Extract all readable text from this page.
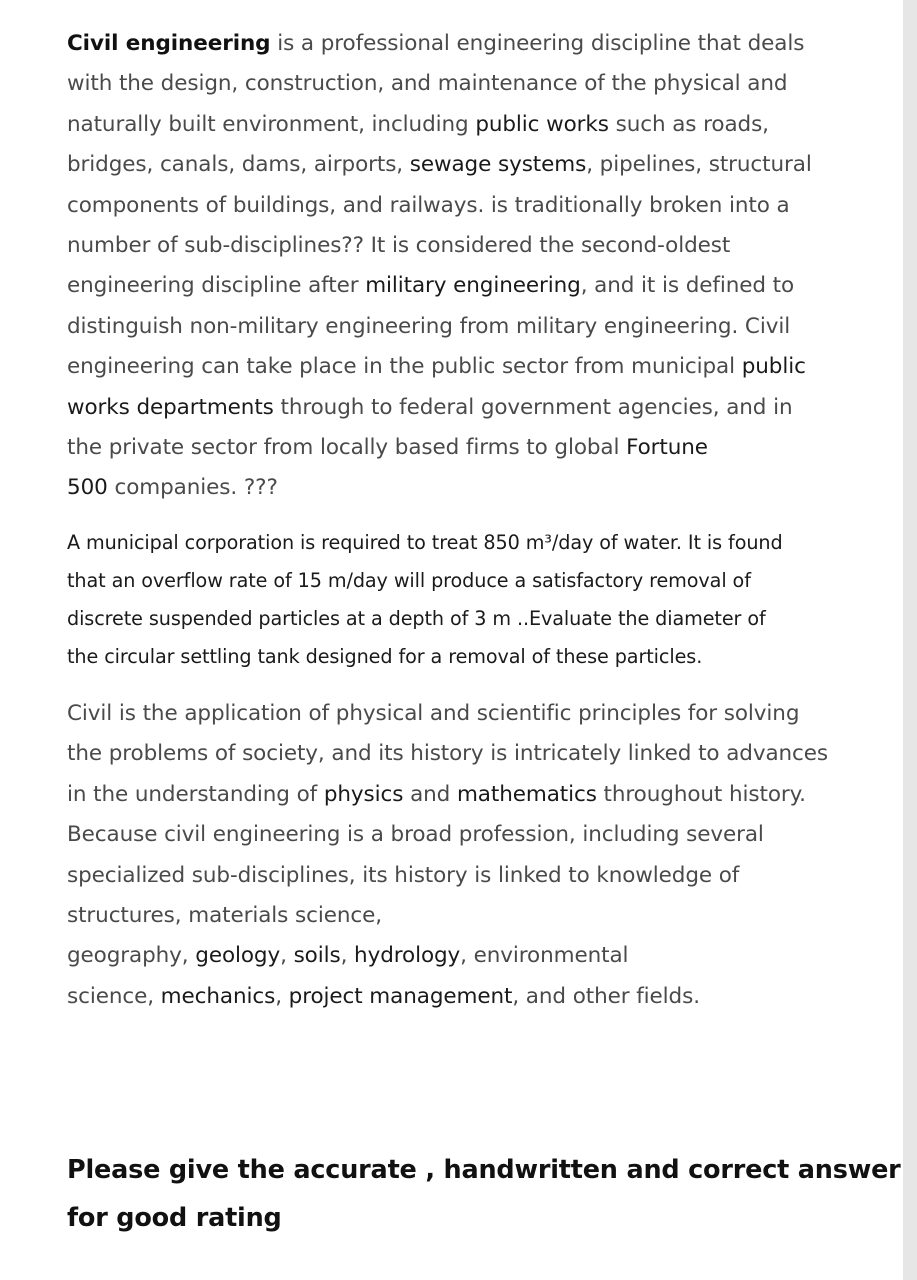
Civil engineering is a professional engineering discipline that deals
with the design, construction, and maintenance of the physical and
naturally built environment, including public works such as roads,
bridges, canals, dams, airports, sewage systems, pipelines, structural
components of buildings, and railways. is traditionally broken into a
number of sub-disciplines?? It is considered the second-oldest
engineering discipline after military engineering, and it is defined to
distinguish non-military engineering from military engineering. Civil
engineering can take place in the public sector from municipal public
works departments through to federal government agencies, and in
the private sector from locally based firms to global Fortune
500 companies. ???

A municipal corporation is required to treat 850 m³/day of water. It is found
that an overflow rate of 15 m/day will produce a satisfactory removal of
discrete suspended particles at a depth of 3 m ..Evaluate the diameter of
the circular settling tank designed for a removal of these particles.

Civil is the application of physical and scientific principles for solving
the problems of society, and its history is intricately linked to advances
in the understanding of physics and mathematics throughout history.
Because civil engineering is a broad profession, including several
specialized sub-disciplines, its history is linked to knowledge of
structures, materials science,
geography, geology, soils, hydrology, environmental
science, mechanics, project management, and other fields.

Please give the accurate , handwritten and correct answer
for good rating
